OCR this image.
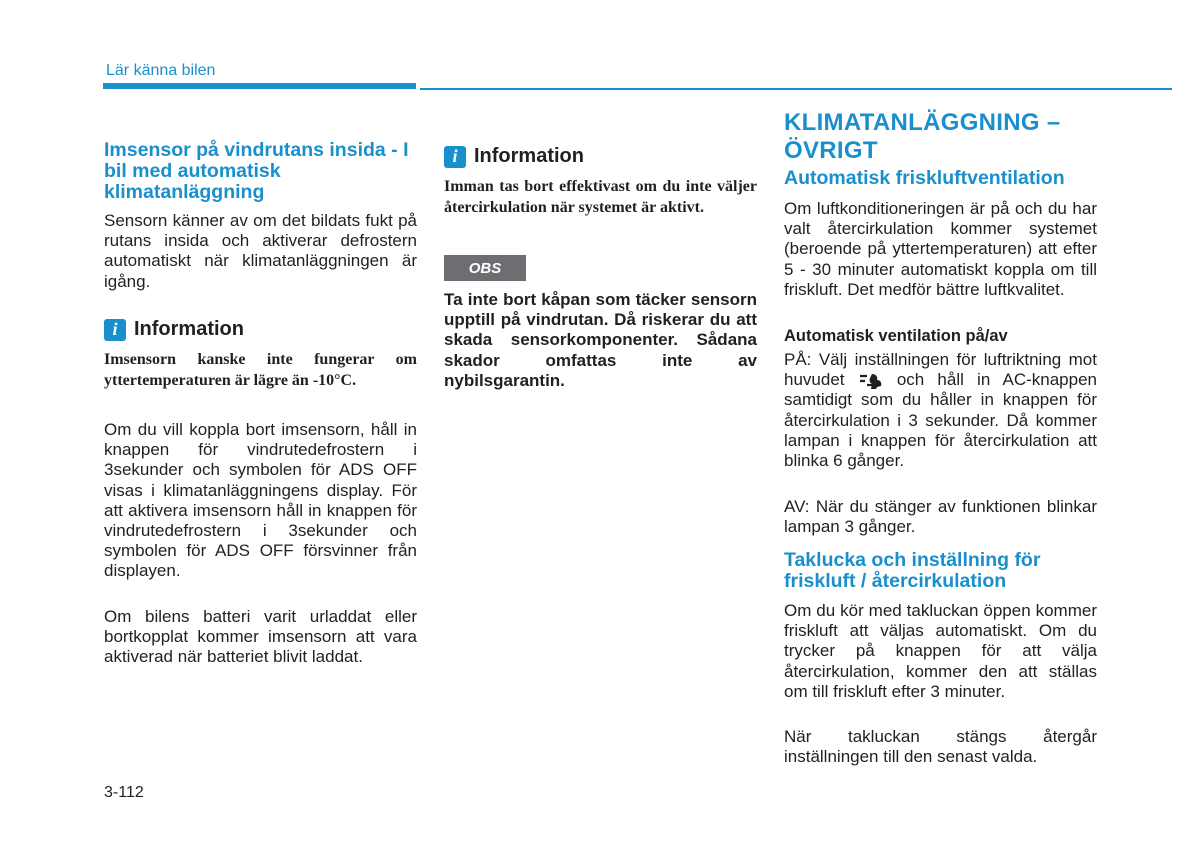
Lär känna bilen

Imsensor på vindrutans insida - I bil med automatisk klimatanläggning

Sensorn känner av om det bildats fukt på rutans insida och aktiverar defrostern automatiskt när klimatanläggningen är igång.

i Information

Imsensorn kanske inte fungerar om yttertemperaturen är lägre än -10°C.

Om du vill koppla bort imsensorn, håll in knappen för vindrutedefrostern i 3sekunder och symbolen för ADS OFF visas i klimatanläggningens display. För att aktivera imsensorn håll in knappen för vindrutedefrostern i 3sekunder och symbolen för ADS OFF försvinner från displayen.

Om bilens batteri varit urladdat eller bortkopplat kommer imsensorn att vara aktiverad när batteriet blivit laddat.

i Information

Imman tas bort effektivast om du inte väljer återcirkulation när systemet är aktivt.

OBS

Ta inte bort kåpan som täcker sensorn upptill på vindrutan. Då riskerar du att skada sensorkomponenter. Sådana skador omfattas inte av nybilsgarantin.

KLIMATANLÄGGNING – ÖVRIGT

Automatisk friskluftventilation

Om luftkonditioneringen är på och du har valt återcirkulation kommer systemet (beroende på yttertemperaturen) att efter 5 - 30 minuter automatiskt koppla om till friskluft. Det medför bättre luftkvalitet.

Automatisk ventilation på/av

PÅ: Välj inställningen för luftriktning mot huvudet	och håll in AC-knappen samtidigt som du håller in knappen för återcirkulation i 3 sekunder. Då kommer lampan i knappen för återcirkulation att blinka 6 gånger.

AV: När du stänger av funktionen blinkar lampan 3 gånger.

Taklucka och inställning för friskluft / återcirkulation

Om du kör med takluckan öppen kommer friskluft att väljas automatiskt. Om du trycker på knappen för att välja återcirkulation, kommer den att ställas om till friskluft efter 3 minuter.

När takluckan stängs återgår inställningen till den senast valda.

3-112
